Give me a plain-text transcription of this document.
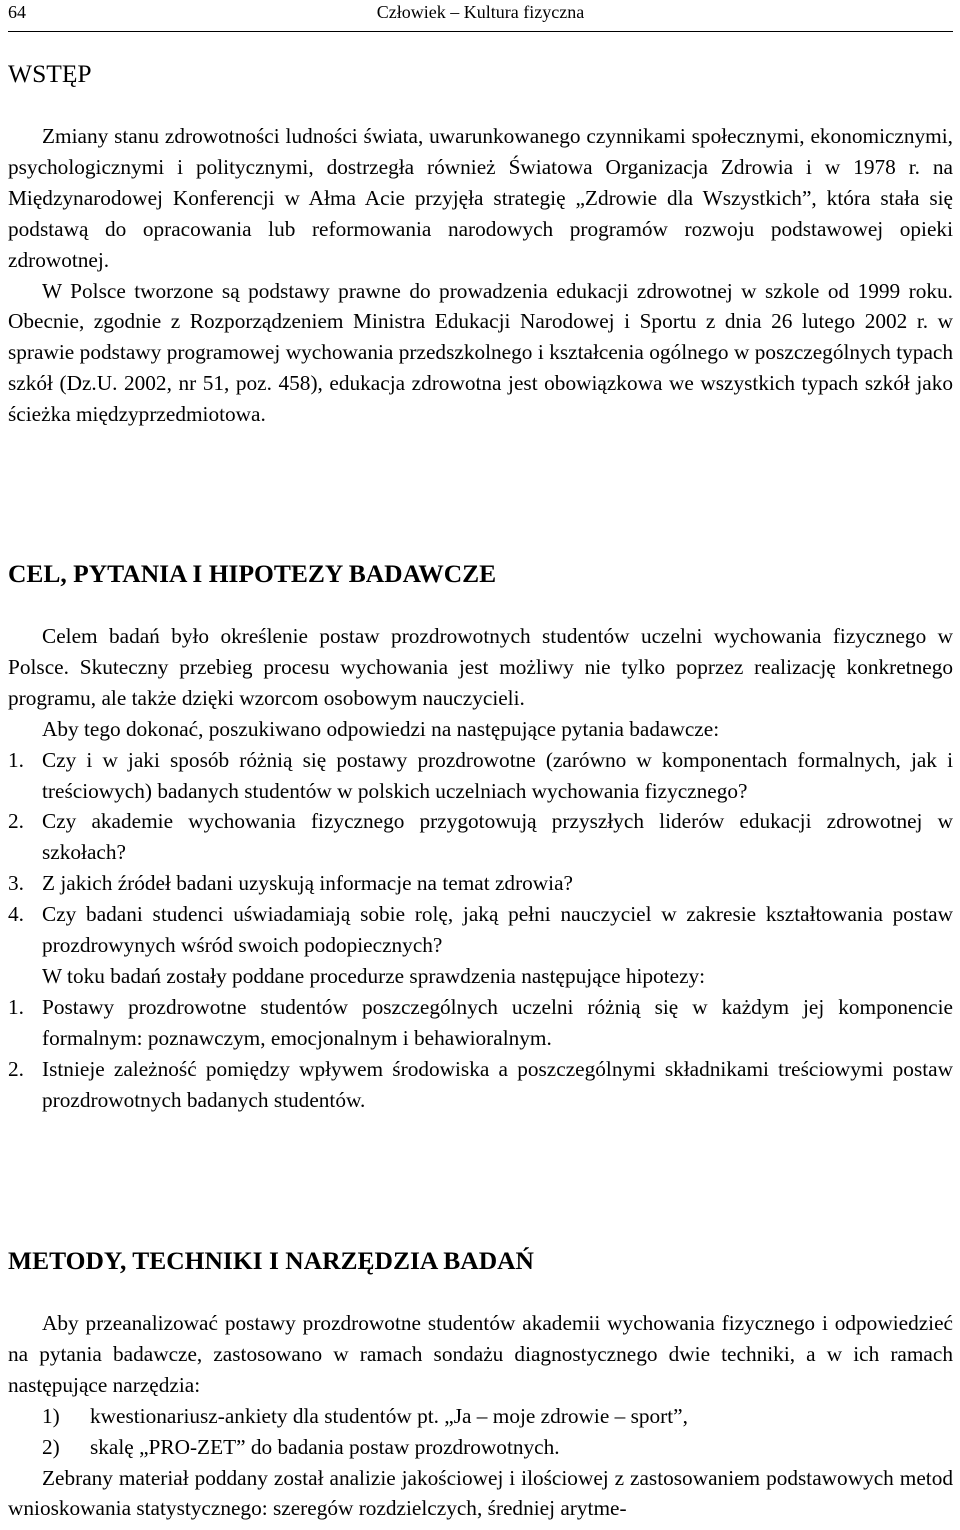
64	Człowiek – Kultura fizyczna
WSTĘP

Zmiany stanu zdrowotności ludności świata, uwarunkowanego czynnikami społecznymi, ekonomicznymi, psychologicznymi i politycznymi, dostrzegła również Światowa Organizacja Zdrowia i w 1978 r. na Międzynarodowej Konferencji w Ałma Acie przyjęła strategię „Zdrowie dla Wszystkich”, która stała się podstawą do opracowania lub reformowania narodowych programów rozwoju podstawowej opieki zdrowotnej.

W Polsce tworzone są podstawy prawne do prowadzenia edukacji zdrowotnej w szkole od 1999 roku. Obecnie, zgodnie z Rozporządzeniem Ministra Edukacji Narodowej i Sportu z dnia 26 lutego 2002 r. w sprawie podstawy programowej wychowania przedszkolnego i kształcenia ogólnego w poszczególnych typach szkół (Dz.U. 2002, nr 51, poz. 458), edukacja zdrowotna jest obowiązkowa we wszystkich typach szkół jako ścieżka międzyprzedmiotowa.

CEL, PYTANIA I HIPOTEZY BADAWCZE

Celem badań było określenie postaw prozdrowotnych studentów uczelni wychowania fizycznego w Polsce. Skuteczny przebieg procesu wychowania jest możliwy nie tylko poprzez realizację konkretnego programu, ale także dzięki wzorcom osobowym nauczycieli.

Aby tego dokonać, poszukiwano odpowiedzi na następujące pytania badawcze:

1. Czy i w jaki sposób różnią się postawy prozdrowotne (zarówno w komponentach formalnych, jak i treściowych) badanych studentów w polskich uczelniach wychowania fizycznego?
2. Czy akademie wychowania fizycznego przygotowują przyszłych liderów edukacji zdrowotnej w szkołach?
3. Z jakich źródeł badani uzyskują informacje na temat zdrowia?
4. Czy badani studenci uświadamiają sobie rolę, jaką pełni nauczyciel w zakresie kształtowania postaw prozdrowynych wśród swoich podopiecznych?

W toku badań zostały poddane procedurze sprawdzenia następujące hipotezy:

1. Postawy prozdrowotne studentów poszczególnych uczelni różnią się w każdym jej komponencie formalnym: poznawczym, emocjonalnym i behawioralnym.
2. Istnieje zależność pomiędzy wpływem środowiska a poszczególnymi składnikami treściowymi postaw prozdrowotnych badanych studentów.
METODY, TECHNIKI I NARZĘDZIA BADAŃ

Aby przeanalizować postawy prozdrowotne studentów akademii wychowania fizycznego i odpowiedzieć na pytania badawcze, zastosowano w ramach sondażu diagnostycznego dwie techniki, a w ich ramach następujące narzędzia:

1) kwestionariusz-ankiety dla studentów pt. „Ja – moje zdrowie – sport”,
2) skalę „PRO-ZET” do badania postaw prozdrowotnych.

Zebrany materiał poddany został analizie jakościowej i ilościowej z zastosowaniem podstawowych metod wnioskowania statystycznego: szeregów rozdzielczych, średniej arytme-
